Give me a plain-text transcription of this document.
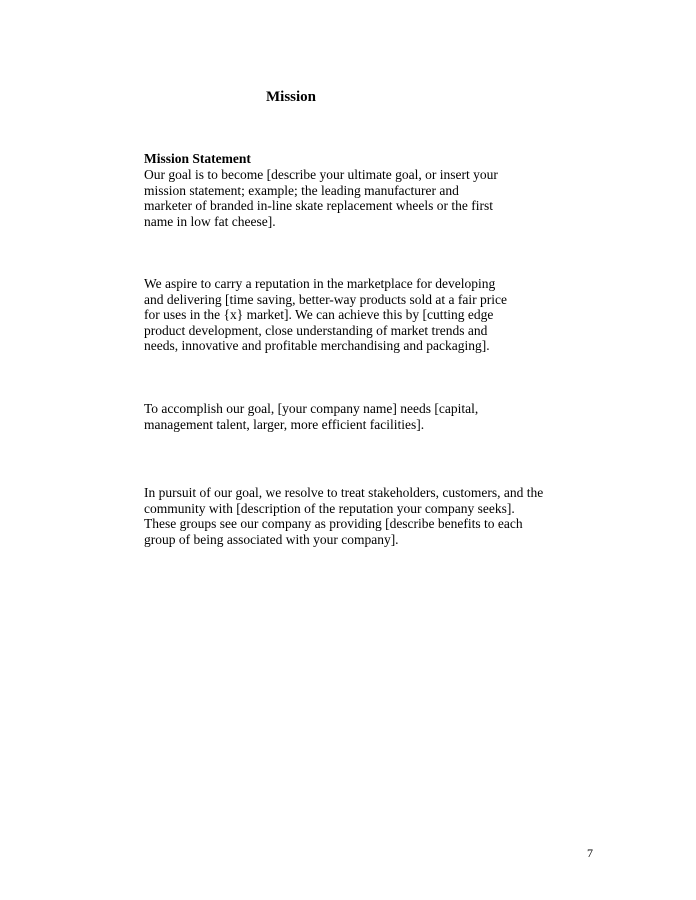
Mission
Mission Statement
Our goal is to become [describe your ultimate goal, or insert your
mission statement; example; the leading manufacturer and
marketer of branded in-line skate replacement wheels or the first
name in low fat cheese].
We aspire to carry a reputation in the marketplace for developing
and delivering [time saving, better-way products sold at a fair price
for uses in the {x} market]. We can achieve this by [cutting edge
product development, close understanding of market trends and
needs, innovative and profitable merchandising and packaging].
To accomplish our goal, [your company name] needs [capital,
management talent, larger, more efficient facilities].
In pursuit of our goal, we resolve to treat stakeholders, customers, and the
community with [description of the reputation your company seeks].
These groups see our company as providing [describe benefits to each
group of being associated with your company].
7
